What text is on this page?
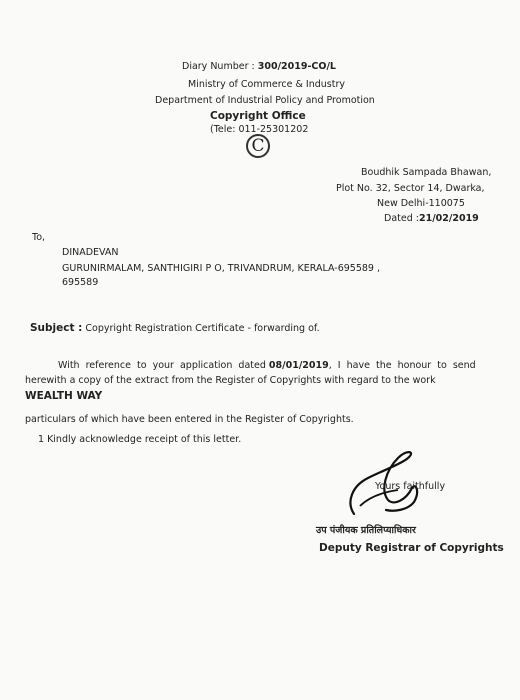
Diary Number : 300/2019-CO/L
Ministry of Commerce & Industry
Department of Industrial Policy and Promotion
Copyright Office
(Tele: 011-25301202
C
Boudhik Sampada Bhawan,
Plot No. 32, Sector 14, Dwarka,
New Delhi-110075
Dated :21/02/2019
To,
DINADEVAN
GURUNIRMALAM, SANTHIGIRI P O, TRIVANDRUM, KERALA-695589 ,
695589
Subject : Copyright Registration Certificate - forwarding of.
With  reference  to  your  application  dated 08/01/2019,  I  have  the  honour  to  send
herewith a copy of the extract from the Register of Copyrights with regard to the work
WEALTH WAY
particulars of which have been entered in the Register of Copyrights.
1 Kindly acknowledge receipt of this letter.
Yours faithfully
उप पंजीयक प्रतिलिप्याधिकार
Deputy Registrar of Copyrights
